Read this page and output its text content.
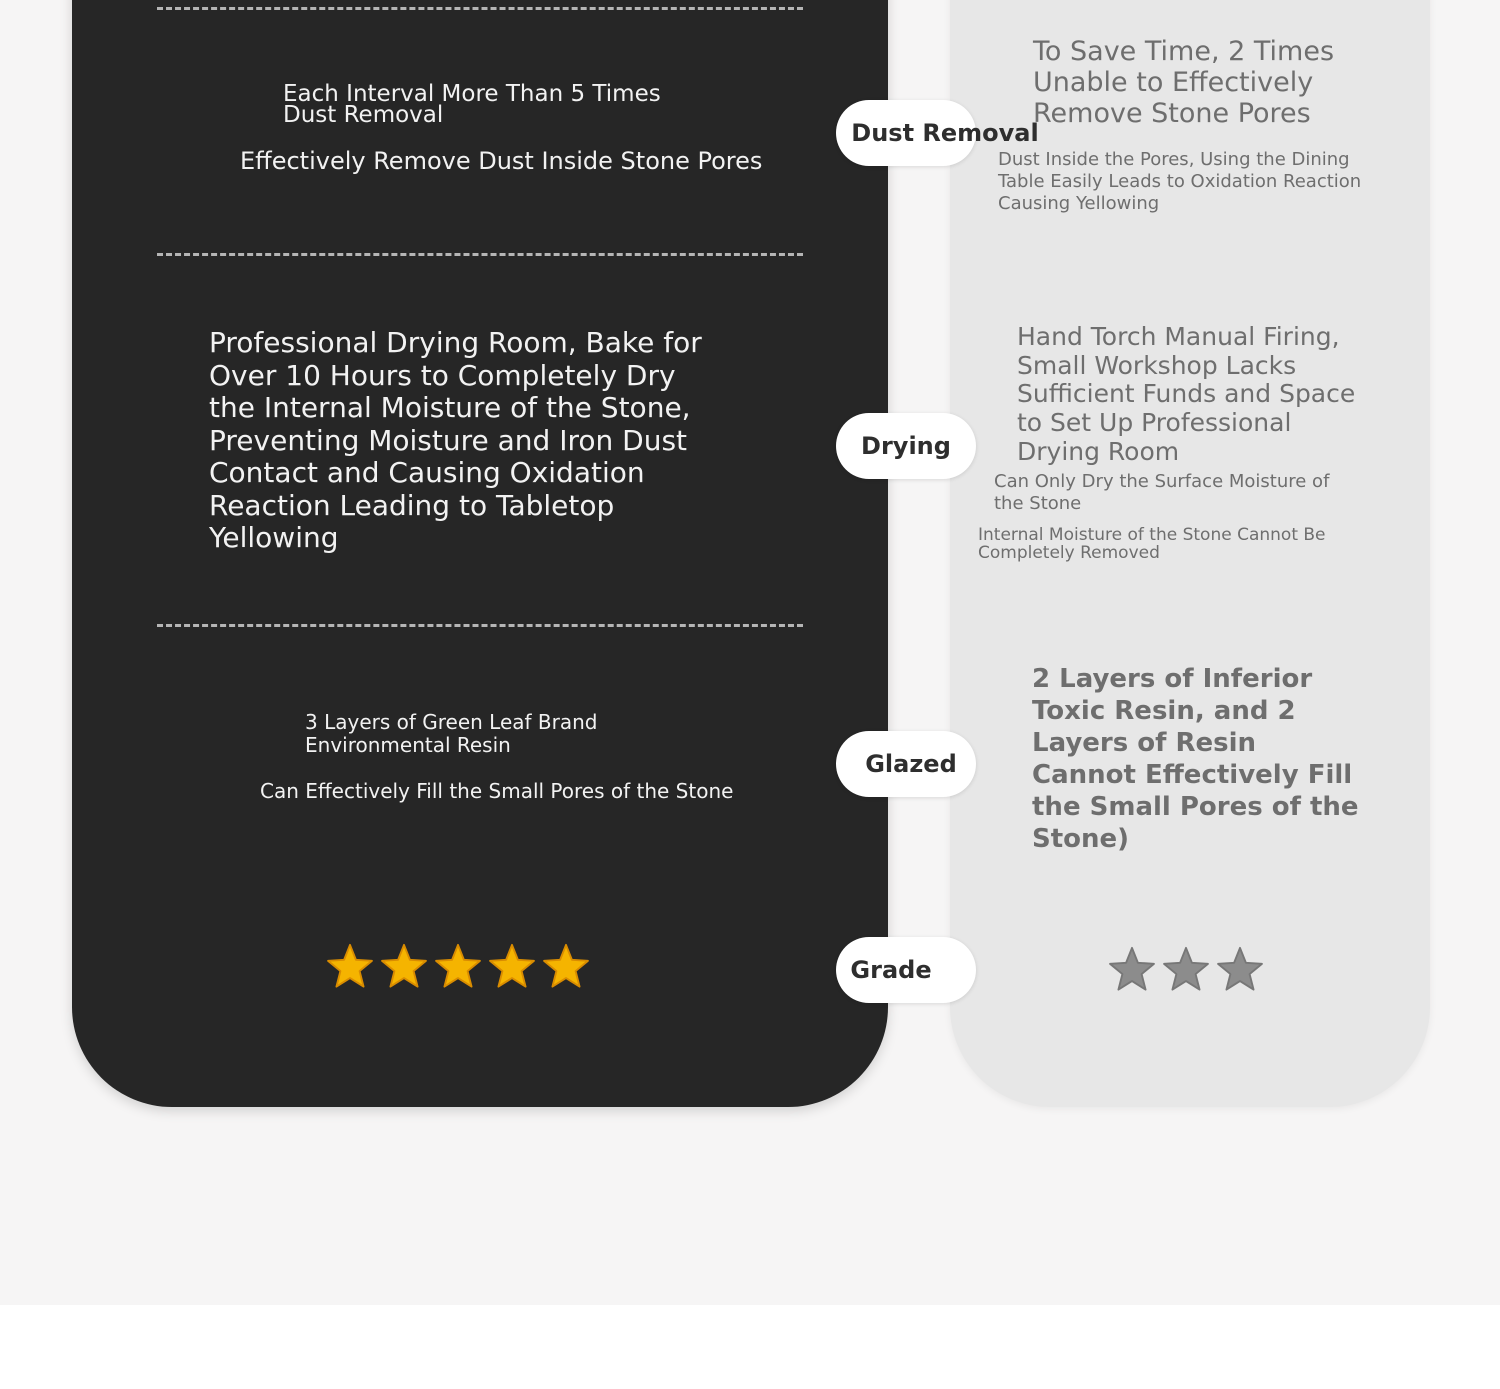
Each Interval More Than 5 Times Dust Removal

Effectively Remove Dust Inside Stone Pores

Professional Drying Room, Bake for Over 10 Hours to Completely Dry the Internal Moisture of the Stone, Preventing Moisture and Iron Dust Contact and Causing Oxidation Reaction Leading to Tabletop Yellowing

3 Layers of Green Leaf Brand Environmental Resin

Can Effectively Fill the Small Pores of the Stone

To Save Time, 2 Times Unable to Effectively Remove Stone Pores

Dust Inside the Pores, Using the Dining Table Easily Leads to Oxidation Reaction Causing Yellowing

Hand Torch Manual Firing, Small Workshop Lacks Sufficient Funds and Space to Set Up Professional Drying Room

Can Only Dry the Surface Moisture of the Stone

Internal Moisture of the Stone Cannot Be Completely Removed

2 Layers of Inferior Toxic Resin, and 2 Layers of Resin Cannot Effectively Fill the Small Pores of the Stone)

Dust Removal
Drying
Glazed
Grade
